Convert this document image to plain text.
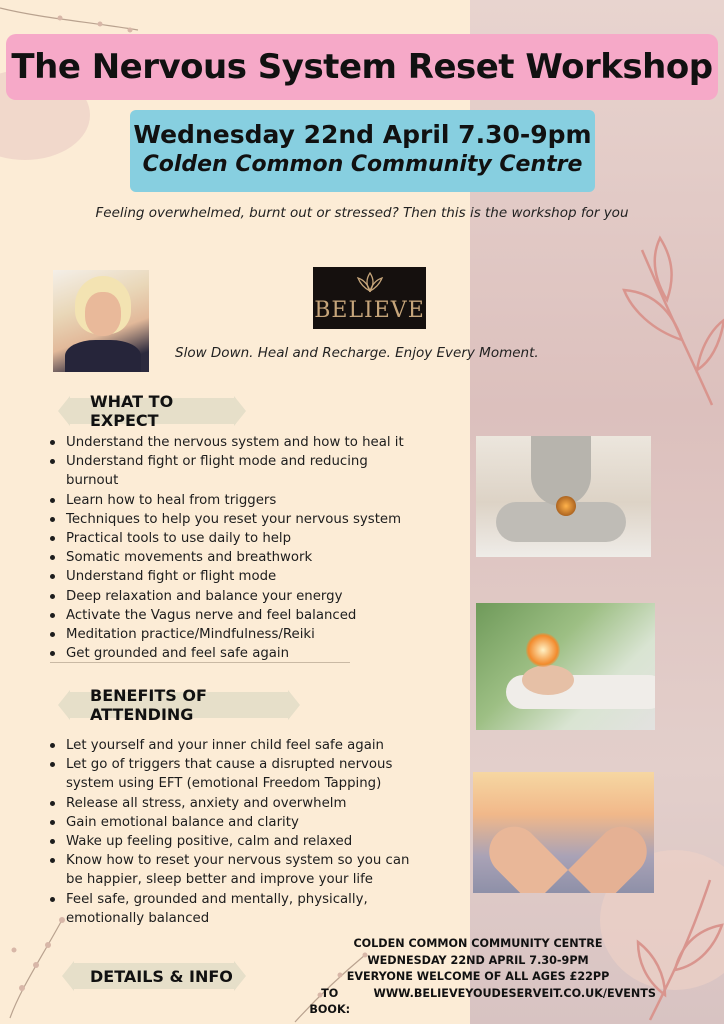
The Nervous System Reset Workshop
Wednesday 22nd April 7.30-9pm
Colden Common Community Centre
Feeling overwhelmed, burnt out or stressed? Then this is the workshop for you
BELIEVE
Slow Down. Heal and Recharge. Enjoy Every Moment.
WHAT TO EXPECT
Understand the nervous system and how to heal it
Understand fight or flight mode and reducing burnout
Learn how to heal from triggers
Techniques to help you reset your nervous system
Practical tools to use daily to help
Somatic movements and breathwork
Understand fight or flight mode
Deep relaxation and balance your energy
Activate the Vagus nerve and feel balanced
Meditation practice/Mindfulness/Reiki
Get grounded and feel safe again
BENEFITS OF ATTENDING
Let yourself and your inner child feel safe again
Let go of triggers that cause a disrupted nervous system using EFT (emotional Freedom Tapping)
Release all stress, anxiety and overwhelm
Gain emotional balance and clarity
Wake up feeling positive, calm and relaxed
Know how to reset your nervous system so you can be happier, sleep better and improve your life
Feel safe, grounded and mentally, physically, emotionally balanced
DETAILS & INFO
COLDEN COMMON COMMUNITY CENTRE
WEDNESDAY 22ND APRIL 7.30-9PM
EVERYONE WELCOME OF ALL AGES £22PP
TO BOOK:
WWW.BELIEVEYOUDESERVEIT.CO.UK/EVENTS
